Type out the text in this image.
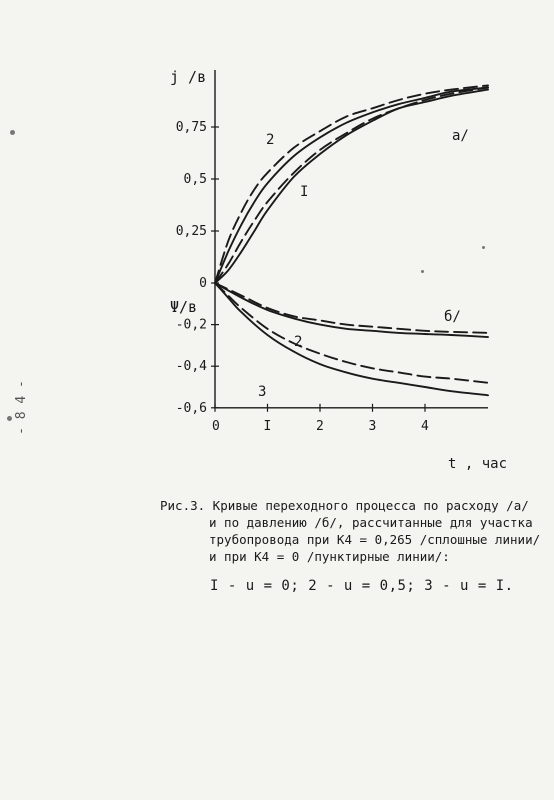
0
0,25
0,5
0,75
-0,2
-0,4
-0,6
0	I	2	3	4
j /в
Ψ/в
t , час
а/
б/
I
2
2
3
Рис.3. Кривые переходного процесса по расходу /а/
и по давлению /б/, рассчитанные для участка
трубопровода при К4 = 0,265 /сплошные линии/
и при К4 = 0 /пунктирные линии/:
I - u = 0; 2 - u = 0,5; 3 - u = I.
- 8 4 -
